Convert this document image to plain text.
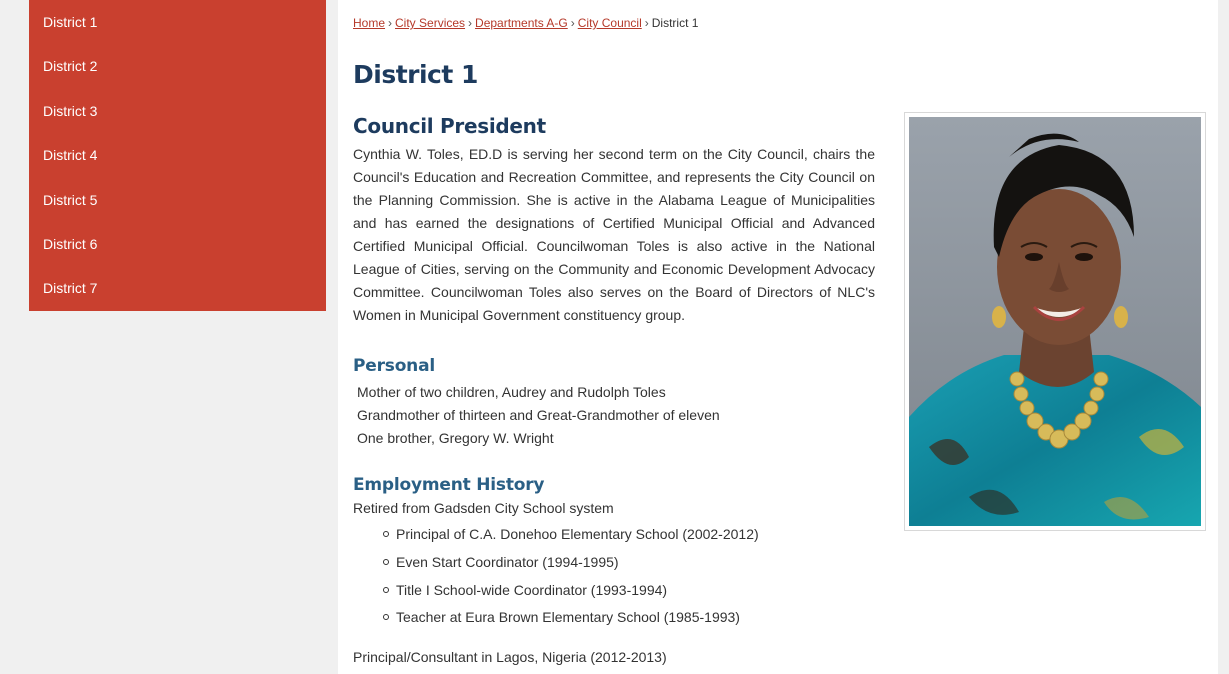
District 1
District 2
District 3
District 4
District 5
District 6
District 7
Home › City Services › Departments A-G › City Council › District 1
District 1
Council President

Cynthia W. Toles, ED.D is serving her second term on the City Council, chairs the Council's Education and Recreation Committee, and represents the City Council on the Planning Commission. She is active in the Alabama League of Municipalities and has earned the designations of Certified Municipal Official and Advanced Certified Municipal Official. Councilwoman Toles is also active in the National League of Cities, serving on the Community and Economic Development Advocacy Committee. Councilwoman Toles also serves on the Board of Directors of NLC's Women in Municipal Government constituency group.

Personal
Mother of two children, Audrey and Rudolph Toles
Grandmother of thirteen and Great-Grandmother of eleven
One brother, Gregory W. Wright
Employment History
Retired from Gadsden City School system
Principal of C.A. Donehoo Elementary School (2002-2012)
Even Start Coordinator (1994-1995)
Title I School-wide Coordinator (1993-1994)
Teacher at Eura Brown Elementary School (1985-1993)
Principal/Consultant in Lagos, Nigeria (2012-2013)
